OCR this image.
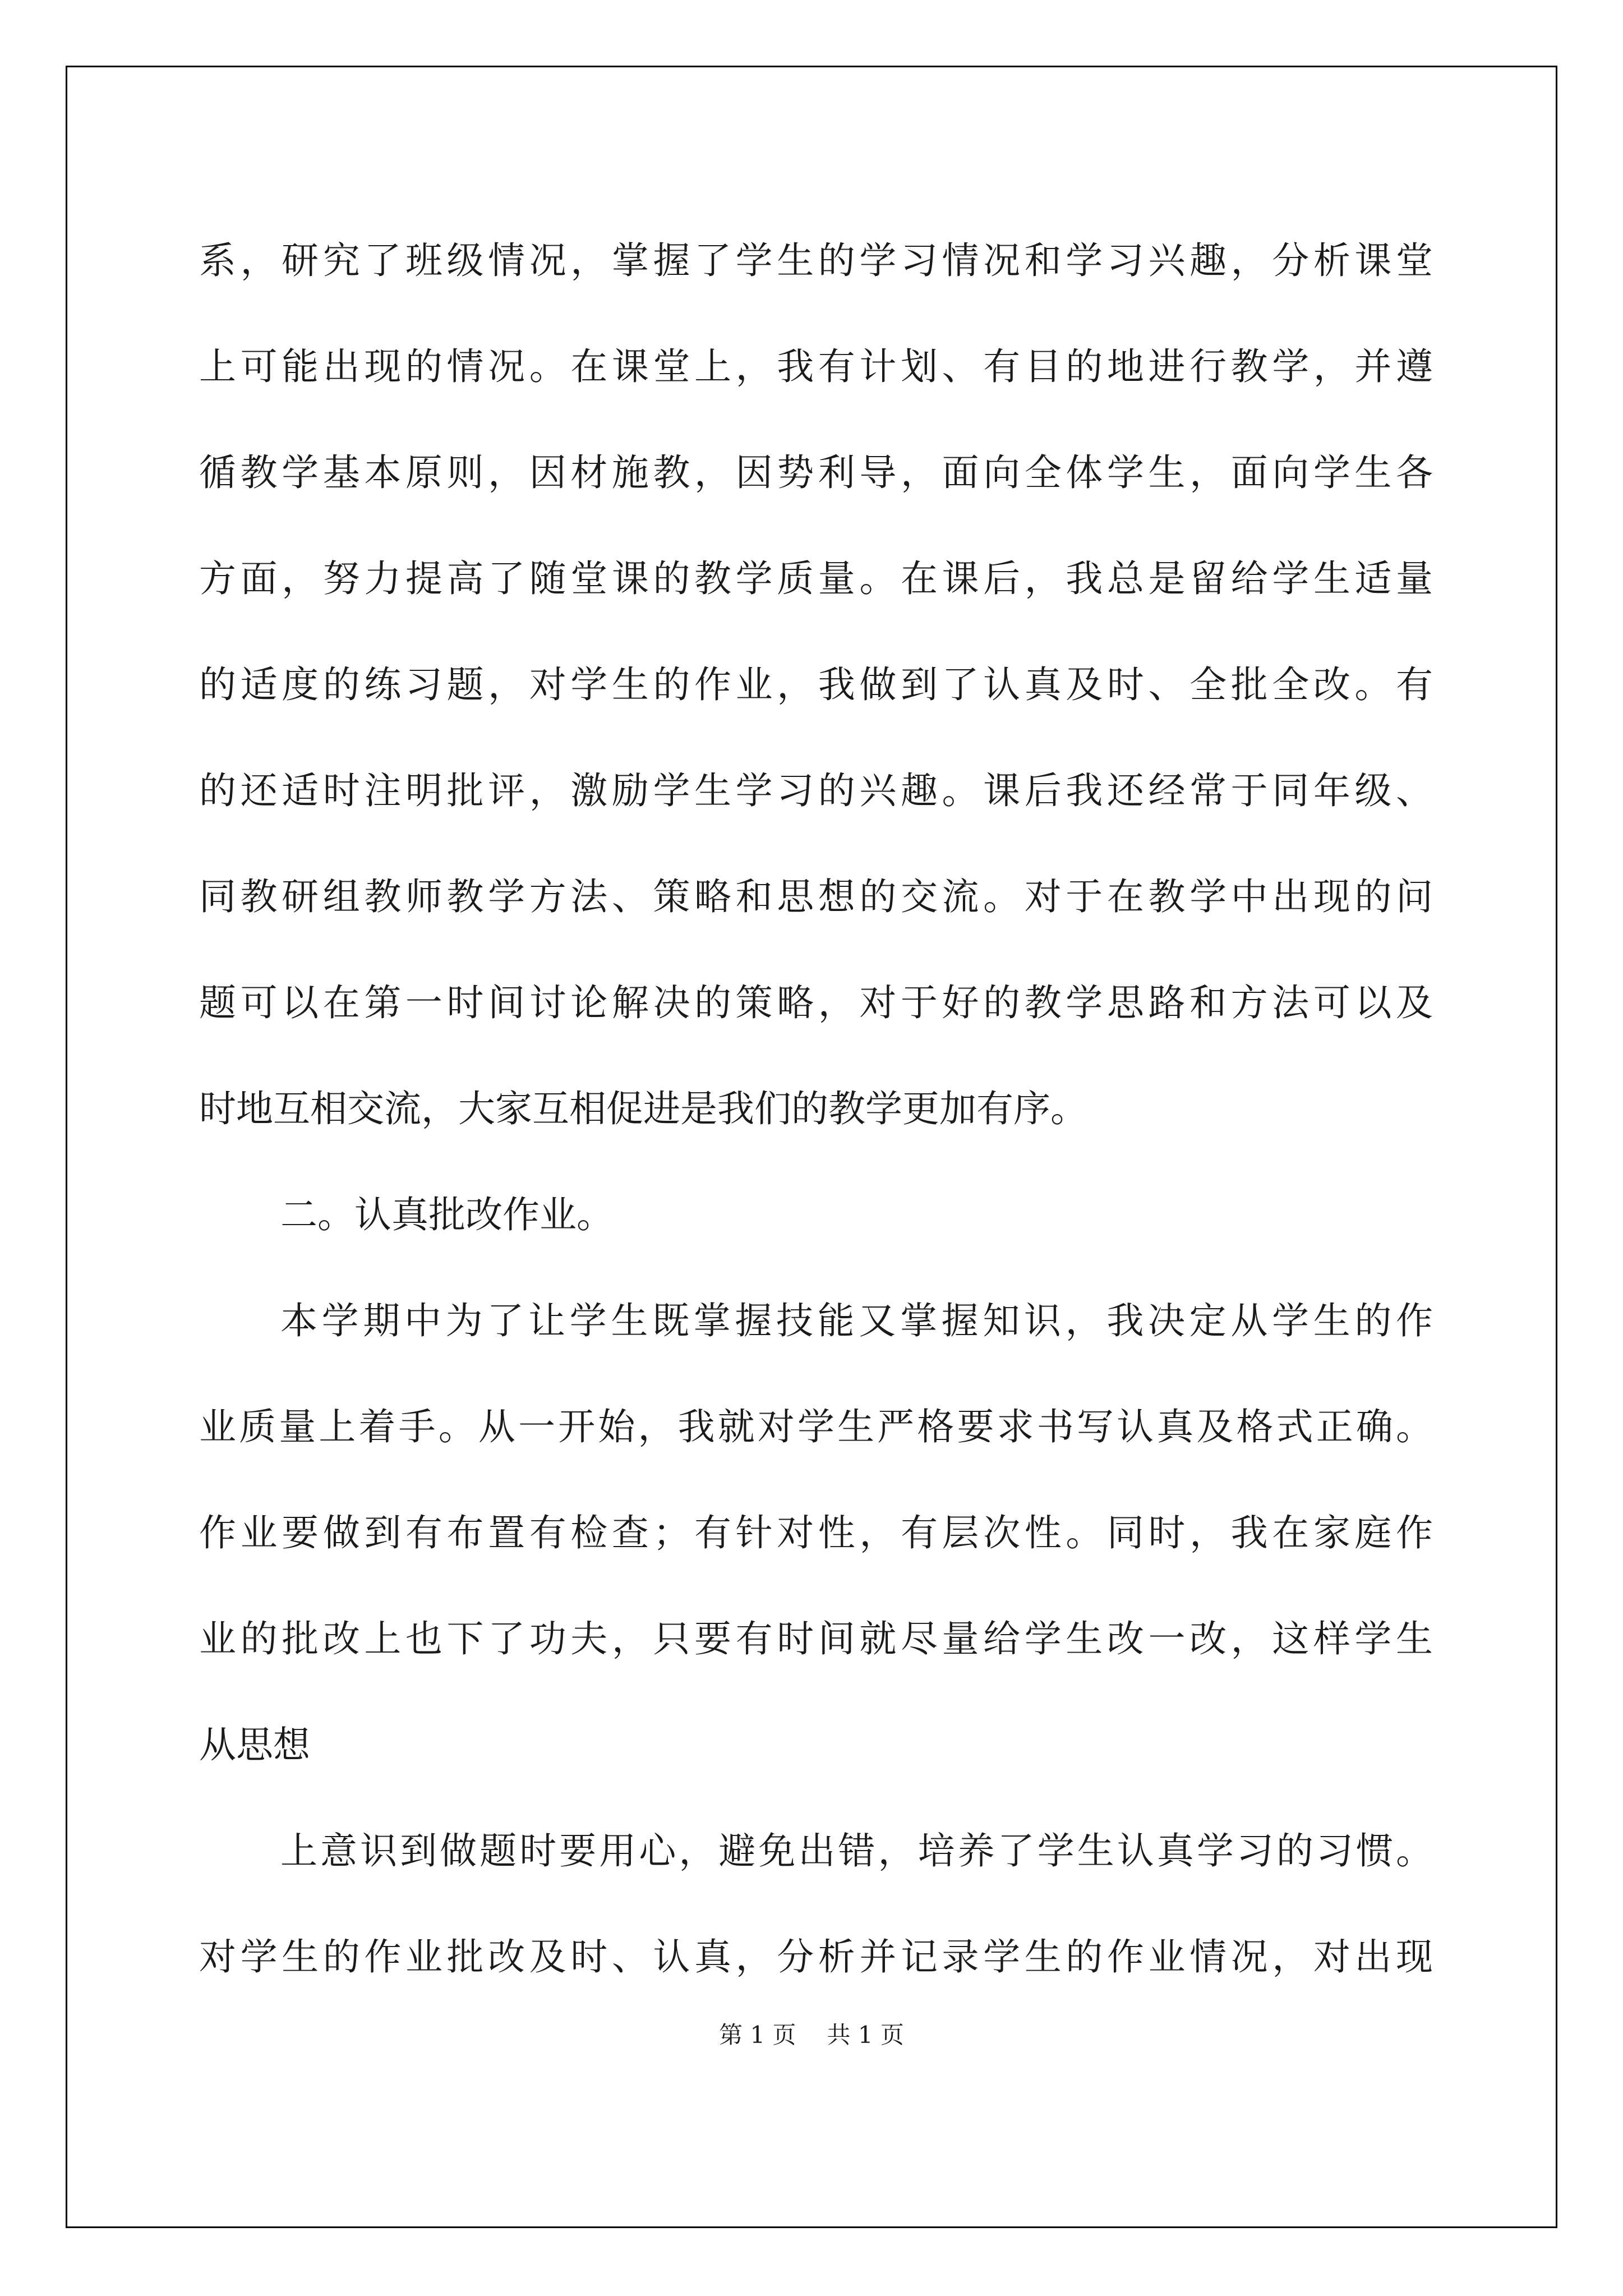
系，研究了班级情况，掌握了学生的学习情况和学习兴趣，分析课堂
上可能出现的情况。在课堂上，我有计划、有目的地进行教学，并遵
循教学基本原则，因材施教，因势利导，面向全体学生，面向学生各
方面，努力提高了随堂课的教学质量。在课后，我总是留给学生适量
的适度的练习题，对学生的作业，我做到了认真及时、全批全改。有
的还适时注明批评，激励学生学习的兴趣。课后我还经常于同年级、
同教研组教师教学方法、策略和思想的交流。对于在教学中出现的问
题可以在第一时间讨论解决的策略，对于好的教学思路和方法可以及
时地互相交流，大家互相促进是我们的教学更加有序。
二。认真批改作业。
本学期中为了让学生既掌握技能又掌握知识，我决定从学生的作
业质量上着手。从一开始，我就对学生严格要求书写认真及格式正确。
作业要做到有布置有检查；有针对性，有层次性。同时，我在家庭作
业的批改上也下了功夫，只要有时间就尽量给学生改一改，这样学生
从思想
上意识到做题时要用心，避免出错，培养了学生认真学习的习惯。
对学生的作业批改及时、认真，分析并记录学生的作业情况，对出现
第 1 页 共 1 页
